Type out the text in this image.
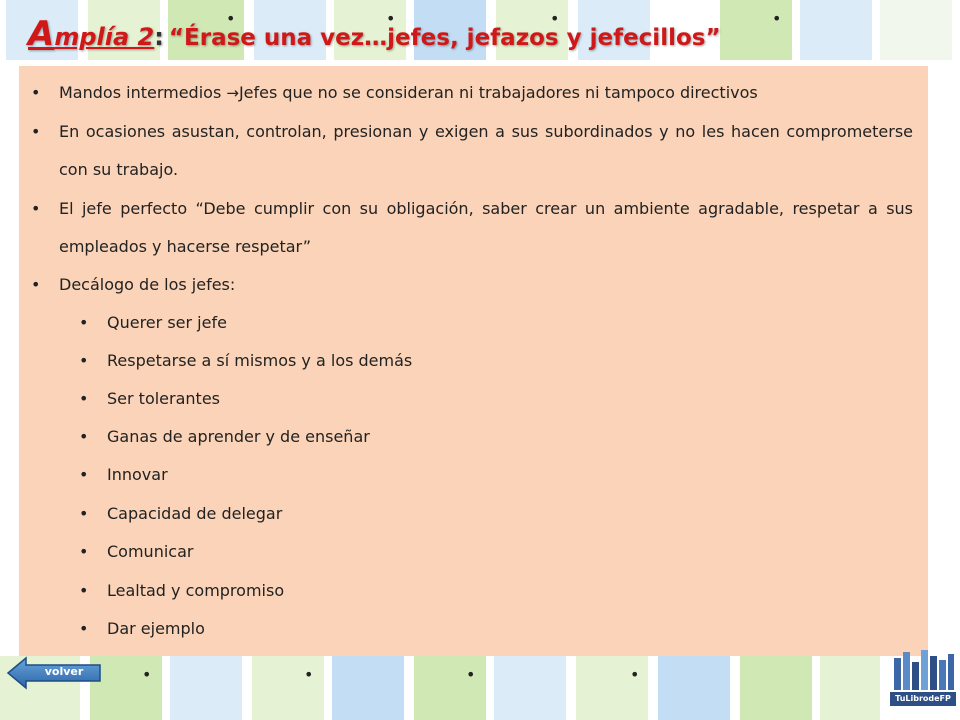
•
•
•
•
•
•
•
•
•
Amplía 2: “Érase una vez…jefes, jefazos y jefecillos”
• Mandos intermedios →Jefes que no se consideran ni trabajadores ni tampoco directivos
• En ocasiones asustan, controlan, presionan y exigen a sus subordinados y no les hacen comprometerse con su trabajo.
• El jefe perfecto “Debe cumplir con su obligación, saber crear un ambiente agradable, respetar a sus empleados y hacerse respetar”
• Decálogo de los jefes:
• Querer ser jefe
• Respetarse a sí mismos y a los demás
• Ser tolerantes
• Ganas de aprender y de enseñar
• Innovar
• Capacidad de delegar
• Comunicar
• Lealtad y compromiso
• Dar ejemplo
volver
TuLibrodeFP
